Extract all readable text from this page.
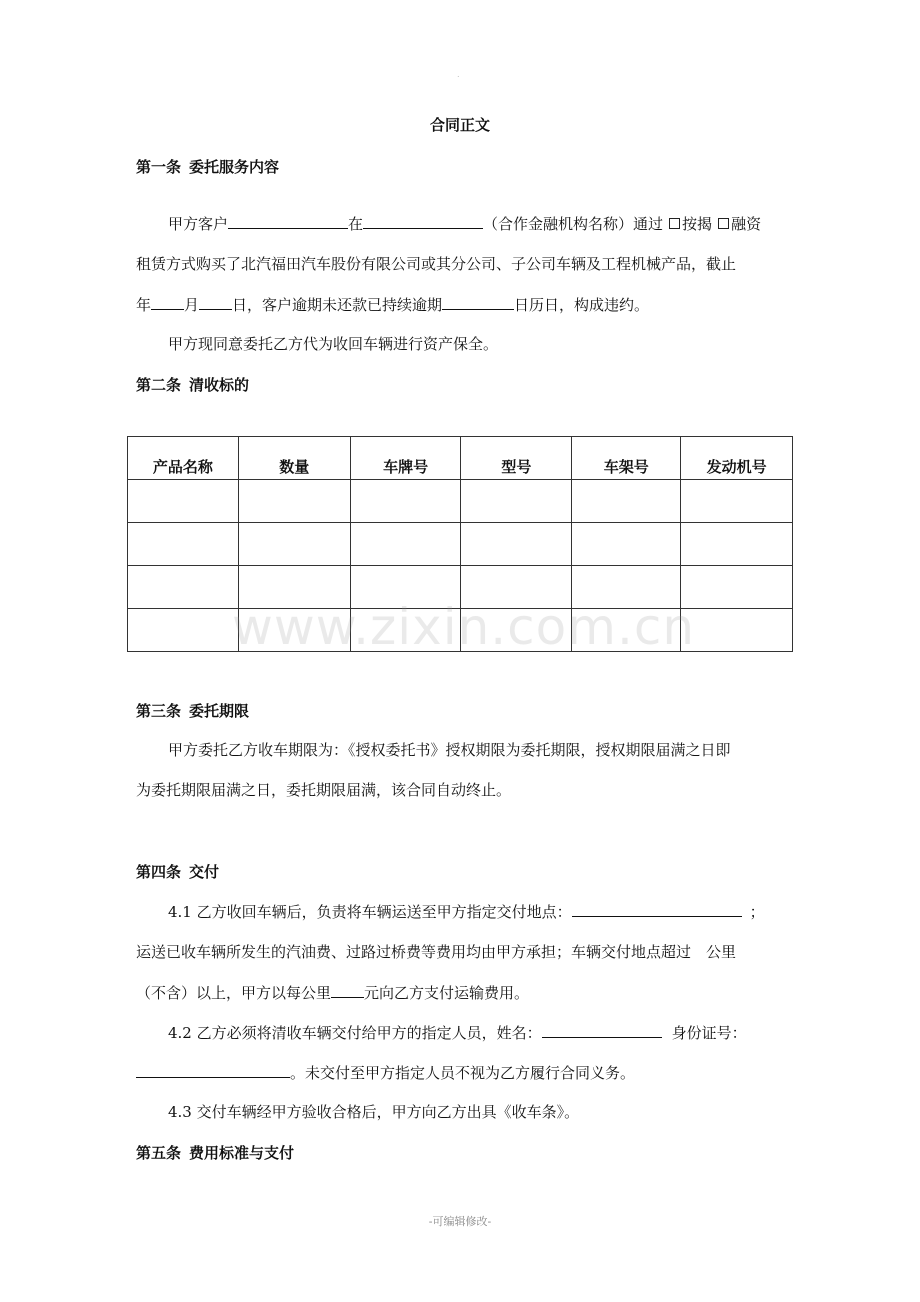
.
合同正文
第一条 委托服务内容
甲方客户	在	（合作金融机构名称）通过 按揭 融资
租赁方式购买了北汽福田汽车股份有限公司或其分公司、子公司车辆及工程机械产品，截止
年 月 日，客户逾期未还款已持续逾期	日历日，构成违约。
甲方现同意委托乙方代为收回车辆进行资产保全。
第二条 清收标的
产品名称	数量	车牌号	型号	车架号	发动机号

www.zixin.com.cn
第三条 委托期限
甲方委托乙方收车期限为：《授权委托书》授权期限为委托期限，授权期限届满之日即
为委托期限届满之日，委托期限届满，该合同自动终止。
第四条 交付
4.1 乙方收回车辆后，负责将车辆运送至甲方指定交付地点：	；
运送已收车辆所发生的汽油费、过路过桥费等费用均由甲方承担；车辆交付地点超过　公里
（不含）以上，甲方以每公里 元向乙方支付运输费用。
4.2 乙方必须将清收车辆交付给甲方的指定人员，姓名：	身份证号：
。未交付至甲方指定人员不视为乙方履行合同义务。
4.3 交付车辆经甲方验收合格后，甲方向乙方出具《收车条》。
第五条 费用标准与支付
-可编辑修改-
